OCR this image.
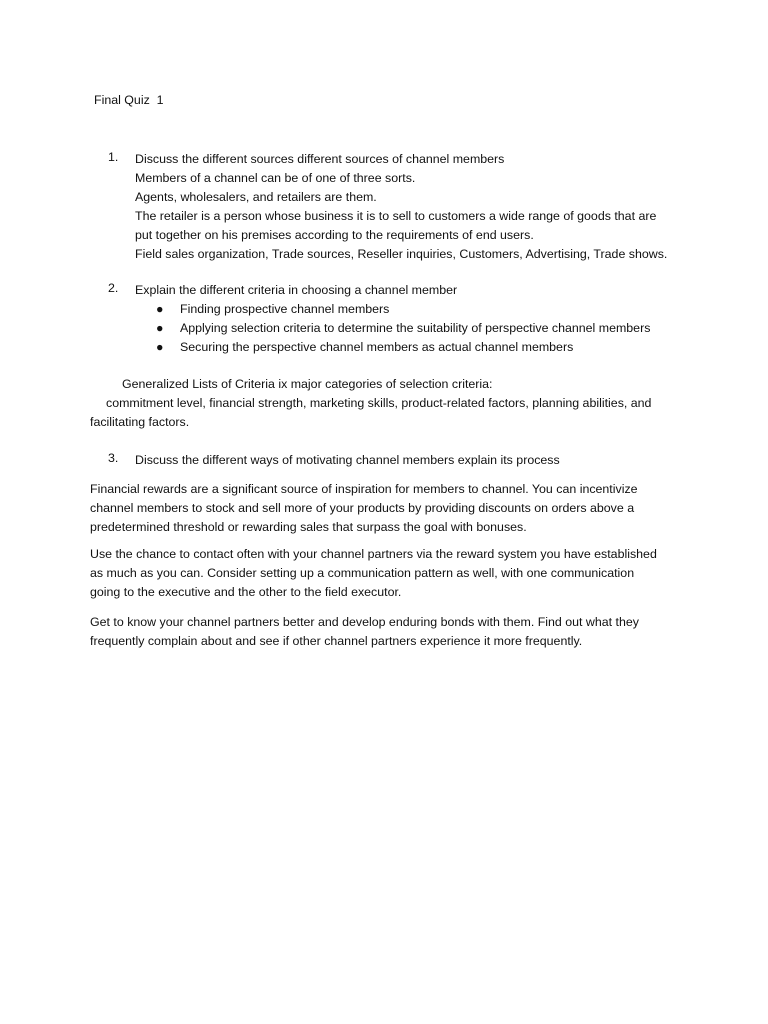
Final Quiz  1
1.	Discuss the different sources different sources of channel members
Members of a channel can be of one of three sorts.
Agents, wholesalers, and retailers are them.
The retailer is a person whose business it is to sell to customers a wide range of goods that are
put together on his premises according to the requirements of end users.
Field sales organization, Trade sources, Reseller inquiries, Customers, Advertising, Trade shows.
2.	Explain the different criteria in choosing a channel member
● Finding prospective channel members
● Applying selection criteria to determine the suitability of perspective channel members
● Securing the perspective channel members as actual channel members
Generalized Lists of Criteria ix major categories of selection criteria:
commitment level, financial strength, marketing skills, product-related factors, planning abilities, and
facilitating factors.
3.	Discuss the different ways of motivating channel members explain its process
Financial rewards are a significant source of inspiration for members to channel. You can incentivize
channel members to stock and sell more of your products by providing discounts on orders above a
predetermined threshold or rewarding sales that surpass the goal with bonuses.
Use the chance to contact often with your channel partners via the reward system you have established
as much as you can. Consider setting up a communication pattern as well, with one communication
going to the executive and the other to the field executor.
Get to know your channel partners better and develop enduring bonds with them. Find out what they
frequently complain about and see if other channel partners experience it more frequently.
